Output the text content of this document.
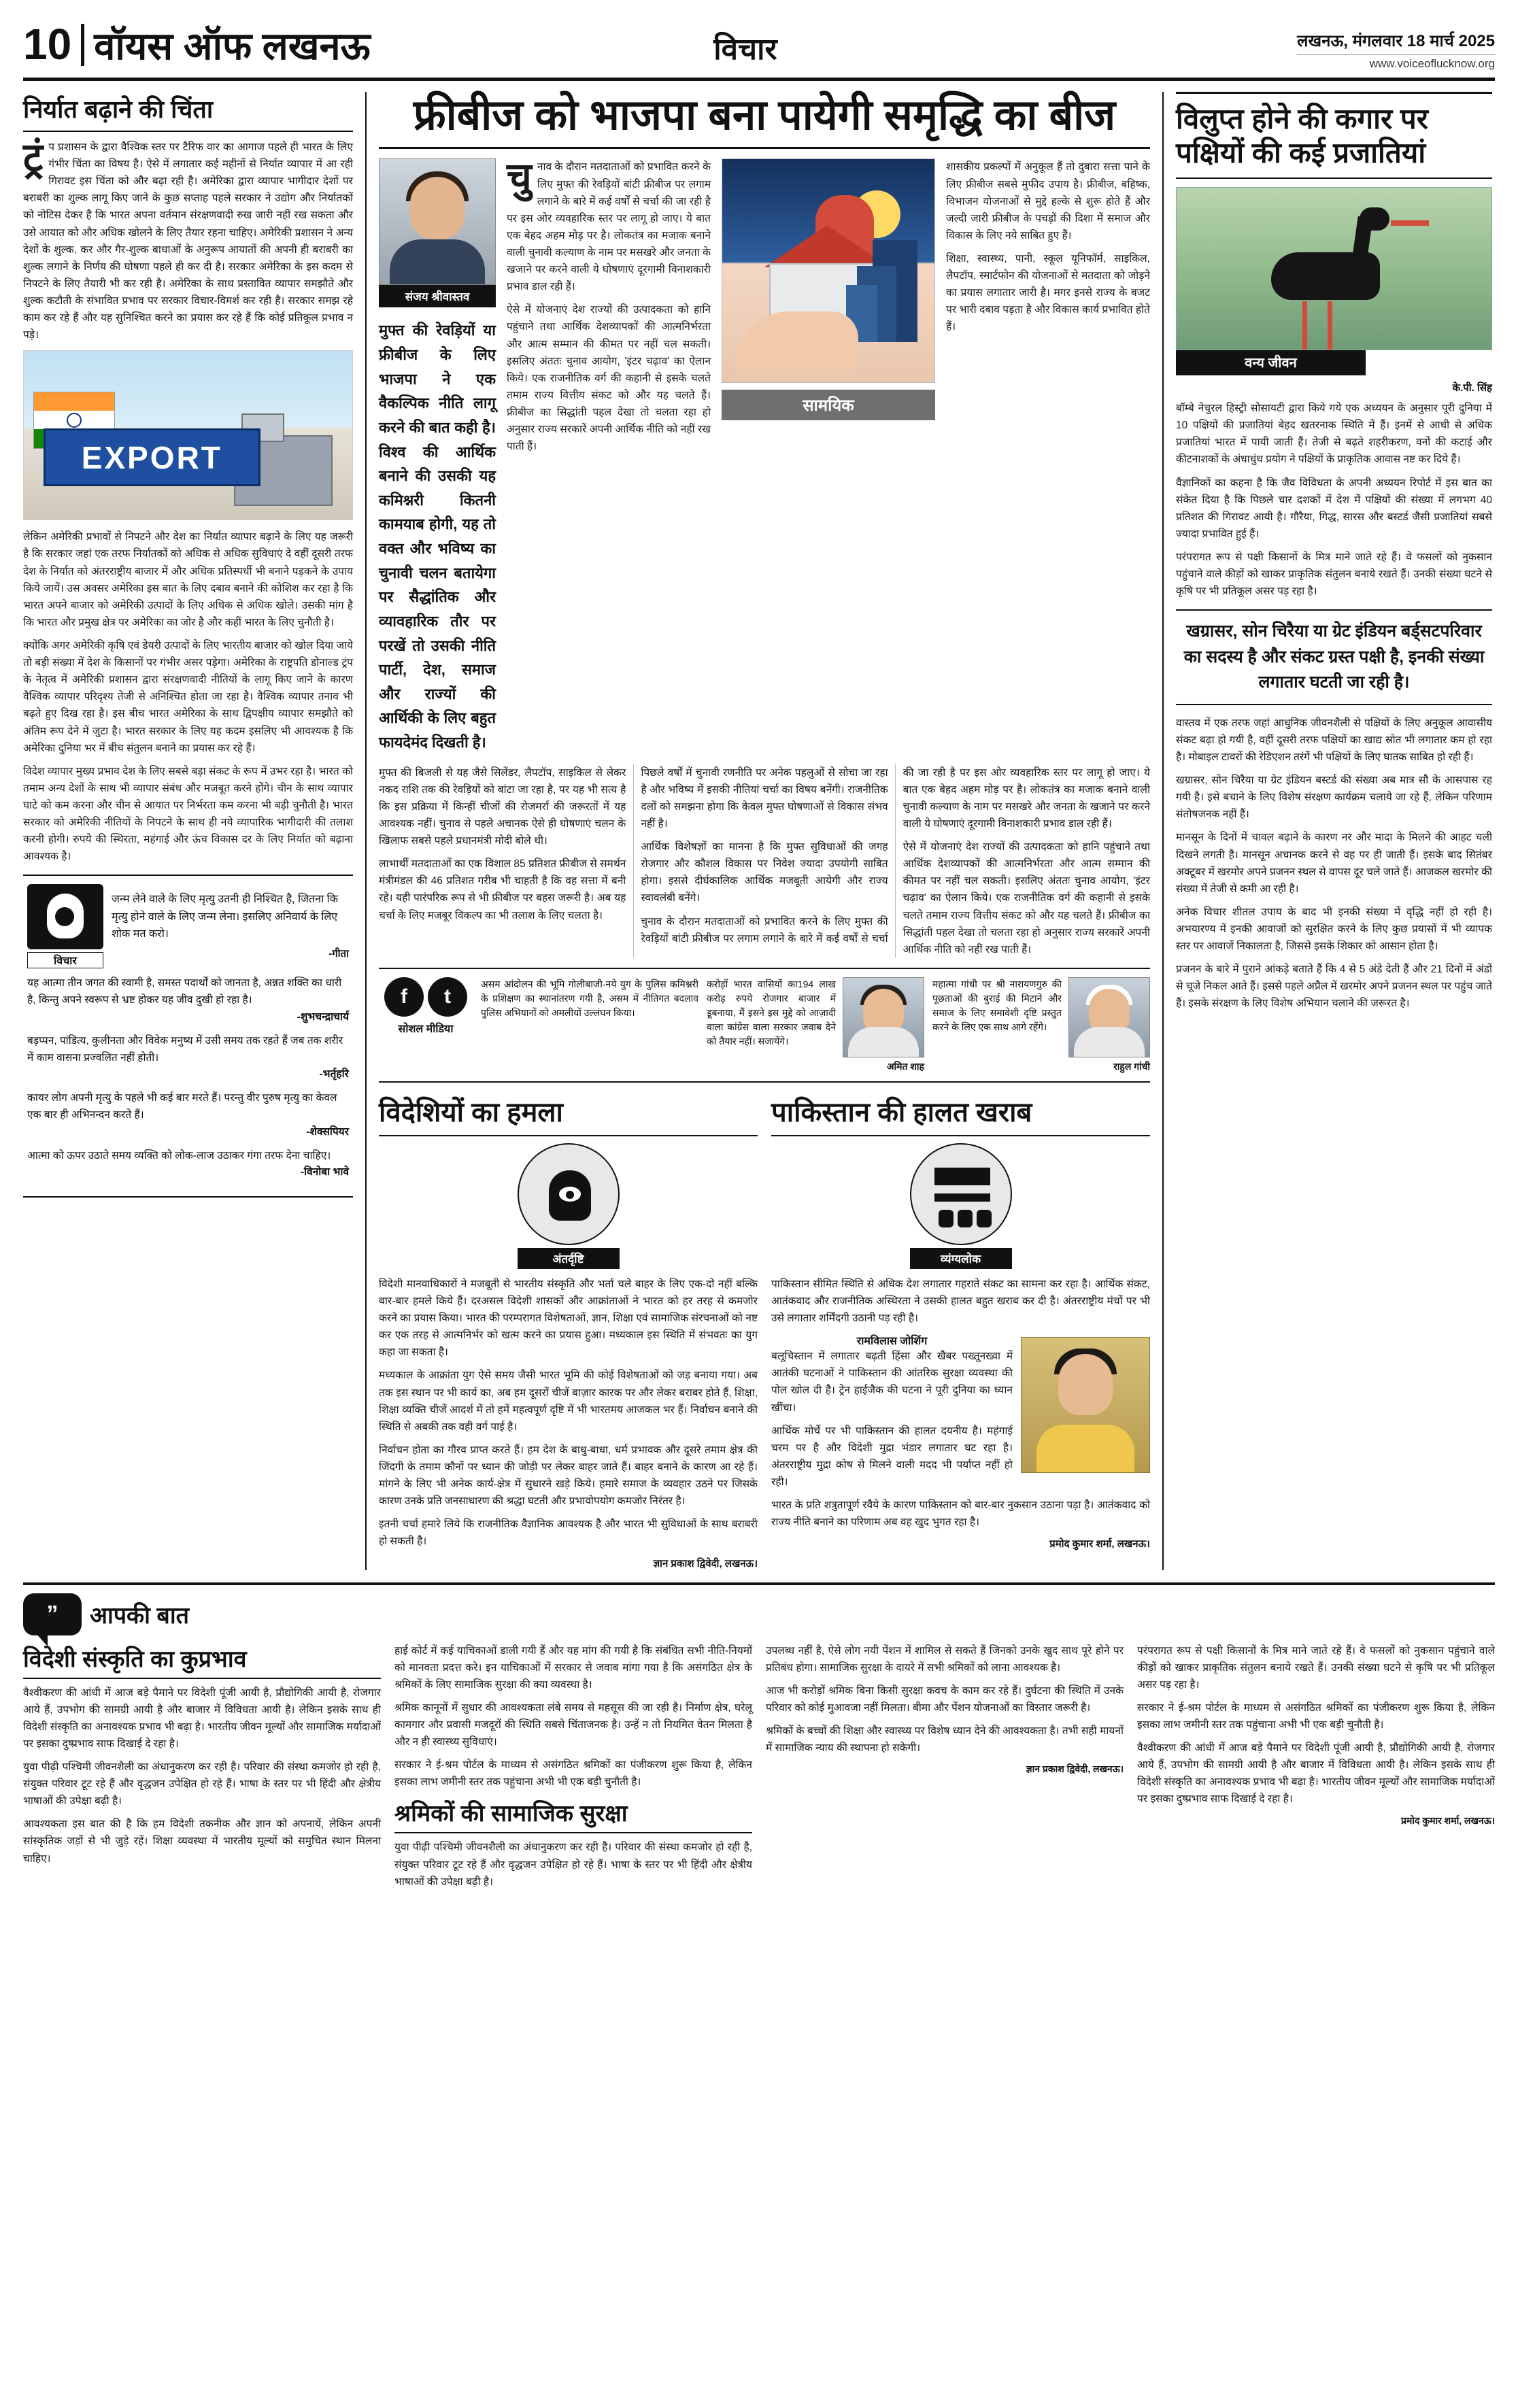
10 वॉयस ऑफ लखनऊ	विचार	लखनऊ, मंगलवार 18 मार्च 2025
www.voiceoflucknow.org
निर्यात बढ़ाने की चिंता

ट्रंप प्रशासन के द्वारा वैश्विक स्तर पर टैरिफ वार का आगाज पहले ही भारत के लिए गंभीर चिंता का विषय है। ऐसे में लगातार कई महीनों से निर्यात व्यापार में आ रही गिरावट इस चिंता को और बढ़ा रही है। अमेरिका द्वारा व्यापार भागीदार देशों पर बराबरी का शुल्क लागू किए जाने के कुछ सप्ताह पहले सरकार ने उद्योग और निर्यातकों को नोटिस देकर है कि भारत अपना वर्तमान संरक्षणवादी रुख जारी नहीं रख सकता और उसे आयात को और अधिक खोलने के लिए तैयार रहना चाहिए। अमेरिकी प्रशासन ने अन्य देशों के शुल्क, कर और गैर-शुल्क बाधाओं के अनुरूप आयातों की अपनी ही बराबरी का शुल्क लगाने के निर्णय की घोषणा पहले ही कर दी है। सरकार अमेरिका के इस कदम से निपटने के लिए तैयारी भी कर रही है। अमेरिका के साथ प्रस्तावित व्यापार समझौते और शुल्क कटौती के संभावित प्रभाव पर सरकार विचार-विमर्श कर रही है। सरकार समझ रहे काम कर रहे हैं और यह सुनिश्चित करने का प्रयास कर रहे हैं कि कोई प्रतिकूल प्रभाव न पड़े।

EXPORT

लेकिन अमेरिकी प्रभावों से निपटने और देश का निर्यात व्यापार बढ़ाने के लिए यह जरूरी है कि सरकार जहां एक तरफ निर्यातकों को अधिक से अधिक सुविधाएं दे वहीं दूसरी तरफ देश के निर्यात को अंतरराष्ट्रीय बाजार में और अधिक प्रतिस्पर्धी भी बनाने पड़कने के उपाय किये जायें। उस अवसर अमेरिका इस बात के लिए दबाव बनाने की कोशिश कर रहा है कि भारत अपने बाजार को अमेरिकी उत्पादों के लिए अधिक से अधिक खोले। उसकी मांग है कि भारत और प्रमुख क्षेत्र पर अमेरिका का जोर है और कहीं भारत के लिए चुनौती है।

क्योंकि अगर अमेरिकी कृषि एवं डेयरी उत्पादों के लिए भारतीय बाजार को खोल दिया जाये तो बड़ी संख्या में देश के किसानों पर गंभीर असर पड़ेगा। अमेरिका के राष्ट्रपति डोनाल्ड ट्रंप के नेतृत्व में अमेरिकी प्रशासन द्वारा संरक्षणवादी नीतियों के लागू किए जाने के कारण वैश्विक व्यापार परिदृश्य तेजी से अनिश्चित होता जा रहा है। वैश्विक व्यापार तनाव भी बढ़ते हुए दिख रहा है। इस बीच भारत अमेरिका के साथ द्विपक्षीय व्यापार समझौते को अंतिम रूप देने में जुटा है। भारत सरकार के लिए यह कदम इसलिए भी आवश्यक है कि अमेरिका दुनिया भर में बीच संतुलन बनाने का प्रयास कर रहे हैं।

विदेश व्यापार मुख्य प्रभाव देश के लिए सबसे बड़ा संकट के रूप में उभर रहा है। भारत को तमाम अन्य देशों के साथ भी व्यापार संबंध और मजबूत करने होंगे। चीन के साथ व्यापार घाटे को कम करना और चीन से आयात पर निर्भरता कम करना भी बड़ी चुनौती है। भारत सरकार को अमेरिकी नीतियों के निपटने के साथ ही नये व्यापारिक भागीदारी की तलाश करनी होगी। रुपये की स्थिरता, महंगाई और ऊंच विकास दर के लिए निर्यात को बढ़ाना आवश्यक है।

विचार
जन्म लेने वाले के लिए मृत्यु उतनी ही निश्चित है, जितना कि मृत्यु होने वाले के लिए जन्म लेना। इसलिए अनिवार्य के लिए शोक मत करो।
-गीता
यह आत्मा तीन जगत की स्वामी है, समस्त पदार्थों को जानता है, अन्नत शक्ति का धारी है, किन्तु अपने स्वरूप से भ्रष्ट होकर यह जीव दुखी हो रहा है।
-शुभचन्द्राचार्य
बड़प्पन, पांडित्य, कुलीनता और विवेक मनुष्य में उसी समय तक रहते हैं जब तक शरीर में काम वासना प्रज्वलित नहीं होती।
-भर्तृहरि
कायर लोग अपनी मृत्यु के पहले भी कई बार मरते हैं। परन्तु वीर पुरुष मृत्यु का केवल एक बार ही अभिनन्दन करते हैं।
-शेक्सपियर
आत्मा को ऊपर उठाते समय व्यक्ति को लोक-लाज उठाकर गंगा तरफ देना चाहिए।
-विनोबा भावे
फ्रीबीज को भाजपा बना पायेगी समृद्धि का बीज
संजय श्रीवास्तव
मुफ्त की रेवड़ियों या फ्रीबीज के लिए भाजपा ने एक वैकल्पिक नीति लागू करने की बात कही है। विश्व की आर्थिक बनाने की उसकी यह कमिश्नरी कितनी कामयाब होगी, यह तो वक्त और भविष्य का चुनावी चलन बतायेगा पर सैद्धांतिक और व्यावहारिक तौर पर परखें तो उसकी नीति पार्टी, देश, समाज और राज्यों की आर्थिकी के लिए बहुत फायदेमंद दिखती है।

चुनाव के दौरान मतदाताओं को प्रभावित करने के लिए मुफ्त की रेवड़ियों बांटी फ्रीबीज पर लगाम लगाने के बारे में कई वर्षों से चर्चा की जा रही है पर इस ओर व्यवहारिक स्तर पर लागू हो जाए। ये बात एक बेहद अहम मोड़ पर है। लोकतंत्र का मजाक बनाने वाली चुनावी कल्याण के नाम पर मसखरे और जनता के खजाने पर करने वाली ये घोषणाएं दूरगामी विनाशकारी प्रभाव डाल रही हैं।

ऐसे में योजनाएं देश राज्यों की उत्पादकता को हानि पहुंचाने तथा आर्थिक देशव्यापकों की आत्मनिर्भरता और आत्म सम्मान की कीमत पर नहीं चल सकती। इसलिए अंततः चुनाव आयोग, 'इंटर चढ़ाव' का ऐलान किये। एक राजनीतिक वर्ग की कहानी से इसके चलते तमाम राज्य वित्तीय संकट को और यह चलते हैं। फ्रीबीज का सिद्धांती पहल देखा तो चलता रहा हो अनुसार राज्य सरकारें अपनी आर्थिक नीति को नहीं रख पाती हैं।

सामयिक

शासकीय प्रकल्पों में अनुकूल हैं तो दुबारा सत्ता पाने के लिए फ्रीबीज सबसे मुफीद उपाय है। फ्रीबीज, बहिष्क, विभाजन योजनाओं से मुद्दे हल्के से शुरू होते हैं और जल्दी जारी फ्रीबीज के पचड़ों की दिशा में समाज और विकास के लिए नये साबित हुए हैं।

शिक्षा, स्वास्थ्य, पानी, स्कूल यूनिफॉर्म, साइकिल, लैपटॉप, स्मार्टफोन की योजनाओं से मतदाता को जोड़ने का प्रयास लगातार जारी है। मगर इनसे राज्य के बजट पर भारी दबाव पड़ता है और विकास कार्य प्रभावित होते हैं।

मुफ्त की बिजली से यह जैसे सिलेंडर, लैपटॉप, साइकिल से लेकर नकद राशि तक की रेवड़ियों को बांटा जा रहा है, पर यह भी सत्य है कि इस प्रक्रिया में किन्हीं चीजों की रोजमर्रा की जरूरतों में यह आवश्यक नहीं। चुनाव से पहले अचानक ऐसे ही घोषणाएं चलन के खिलाफ सबसे पहले प्रधानमंत्री मोदी बोले थी।

लाभार्थी मतदाताओं का एक विशाल 85 प्रतिशत फ्रीबीज से समर्थन मंत्रीमंडल की 46 प्रतिशत गरीब भी चाहती है कि वह सत्ता में बनी रहे। यही पारंपरिक रूप से भी फ्रीबीज पर बहस जरूरी है। अब यह चर्चा के लिए मजबूर विकल्प का भी तलाश के लिए चलता है।

पिछले वर्षों में चुनावी रणनीति पर अनेक पहलुओं से सोचा जा रहा है और भविष्य में इसकी नीतियां चर्चा का विषय बनेंगी। राजनीतिक दलों को समझना होगा कि केवल मुफ्त घोषणाओं से विकास संभव नहीं है।

आर्थिक विशेषज्ञों का मानना है कि मुफ्त सुविधाओं की जगह रोजगार और कौशल विकास पर निवेश ज्यादा उपयोगी साबित होगा। इससे दीर्घकालिक आर्थिक मजबूती आयेगी और राज्य स्वावलंबी बनेंगे।

चुनाव के दौरान मतदाताओं को प्रभावित करने के लिए मुफ्त की रेवड़ियों बांटी फ्रीबीज पर लगाम लगाने के बारे में कई वर्षों से चर्चा की जा रही है पर इस ओर व्यवहारिक स्तर पर लागू हो जाए। ये बात एक बेहद अहम मोड़ पर है। लोकतंत्र का मजाक बनाने वाली चुनावी कल्याण के नाम पर मसखरे और जनता के खजाने पर करने वाली ये घोषणाएं दूरगामी विनाशकारी प्रभाव डाल रही हैं।

ऐसे में योजनाएं देश राज्यों की उत्पादकता को हानि पहुंचाने तथा आर्थिक देशव्यापकों की आत्मनिर्भरता और आत्म सम्मान की कीमत पर नहीं चल सकती। इसलिए अंततः चुनाव आयोग, 'इंटर चढ़ाव' का ऐलान किये। एक राजनीतिक वर्ग की कहानी से इसके चलते तमाम राज्य वित्तीय संकट को और यह चलते हैं। फ्रीबीज का सिद्धांती पहल देखा तो चलता रहा हो अनुसार राज्य सरकारें अपनी आर्थिक नीति को नहीं रख पाती हैं।

f	t
सोशल मीडिया
असम आंदोलन की भूमि गोलीबाजी-नये युग के पुलिस कमिश्नरी के प्रशिक्षण का स्थानांतरण गयी है, असम में नीतिगत बदलाव पुलिस अभियानों को अमलीयों उल्लंघन किया।
करोड़ों भारत वासियों का194 लाख करोड़ रुपये रोजगार बाजार में डूबनाया, मैं इसने इस मुद्दे को आज़ादी वाला कांग्रेस वाला सरकार जवाब देने को तैयार नहीं। सजायेंगे।
अमित शाह
महात्मा गांधी पर श्री नारायणगुरु की पूछताओं की बुराई की मिटाने और समाज के लिए समावेशी दृष्टि प्रस्तुत करने के लिए एक साथ आगे रहेंगे।
राहुल गांधी
विदेशियों का हमला
अंतर्दृष्टि

विदेशी मानवाधिकारों ने मजबूती से भारतीय संस्कृति और भर्ता चले बाहर के लिए एक-दो नहीं बल्कि बार-बार हमले किये हैं। दरअसल विदेशी शासकों और आक्रांताओं ने भारत को हर तरह से कमजोर करने का प्रयास किया। भारत की परम्परागत विशेषताओं, ज्ञान, शिक्षा एवं सामाजिक संरचनाओं को नष्ट कर एक तरह से आत्मनिर्भर को खत्म करने का प्रयास हुआ। मध्यकाल इस स्थिति में संभवतः का युग कहा जा सकता है।

मध्यकाल के आक्रांता युग ऐसे समय जैसी भारत भूमि की कोई विशेषताओं को जड़ बनाया गया। अब तक इस स्थान पर भी कार्य का, अब हम दूसरों चीजें बाज़ार कारक पर और लेकर बराबर होते हैं, शिक्षा, शिक्षा व्यक्ति चीजें आदर्श में तो हमें महत्वपूर्ण दृष्टि में भी भारतमय आजकल भर हैं। निर्वाचन बनाने की स्थिति से अबकी तक वही वर्ग पाई है।

निर्वाचन होता का गौरव प्राप्त करते हैं। हम देश के बाधु-बाधा, धर्म प्रभावक और दूसरे तमाम क्षेत्र की जिंदगी के तमाम कौनों पर ध्यान की जोड़ी पर लेकर बाहर जाते हैं। बाहर बनाने के कारण आ रहे हैं। मांगने के लिए भी अनेक कार्य-क्षेत्र में सुधारने खड़े किये। हमारे समाज के व्यवहार उठने पर जिसके कारण उनके प्रति जनसाधारण की श्रद्धा घटती और प्रभावोपयोग कमजोर निरंतर है।

इतनी चर्चा हमारे लिये कि राजनीतिक वैज्ञानिक आवश्यक है और भारत भी सुविधाओं के साथ बराबरी हो सकती है।

ज्ञान प्रकाश द्विवेदी, लखनऊ।
पाकिस्तान की हालत खराब
व्यंग्यलोक

पाकिस्तान सीमित स्थिति से अधिक देश लगातार गहराते संकट का सामना कर रहा है। आर्थिक संकट, आतंकवाद और राजनीतिक अस्थिरता ने उसकी हालत बहुत खराब कर दी है। अंतरराष्ट्रीय मंचों पर भी उसे लगातार शर्मिंदगी उठानी पड़ रही है।

रामविलास जोशिंग

बलूचिस्तान में लगातार बढ़ती हिंसा और खैबर पख्तूनख्वा में आतंकी घटनाओं ने पाकिस्तान की आंतरिक सुरक्षा व्यवस्था की पोल खोल दी है। ट्रेन हाईजैक की घटना ने पूरी दुनिया का ध्यान खींचा।

आर्थिक मोर्चे पर भी पाकिस्तान की हालत दयनीय है। महंगाई चरम पर है और विदेशी मुद्रा भंडार लगातार घट रहा है। अंतरराष्ट्रीय मुद्रा कोष से मिलने वाली मदद भी पर्याप्त नहीं हो रही।

भारत के प्रति शत्रुतापूर्ण रवैये के कारण पाकिस्तान को बार-बार नुकसान उठाना पड़ा है। आतंकवाद को राज्य नीति बनाने का परिणाम अब वह खुद भुगत रहा है।

प्रमोद कुमार शर्मा, लखनऊ।
विलुप्त होने की कगार पर पक्षियों की कई प्रजातियां
वन्य जीवन
के.पी. सिंह

बॉम्बे नेचुरल हिस्ट्री सोसायटी द्वारा किये गये एक अध्ययन के अनुसार पूरी दुनिया में 10 पक्षियों की प्रजातियां बेहद खतरनाक स्थिति में हैं। इनमें से आधी से अधिक प्रजातियां भारत में पायी जाती हैं। तेजी से बढ़ते शहरीकरण, वनों की कटाई और कीटनाशकों के अंधाधुंध प्रयोग ने पक्षियों के प्राकृतिक आवास नष्ट कर दिये हैं।

वैज्ञानिकों का कहना है कि जैव विविधता के अपनी अध्ययन रिपोर्ट में इस बात का संकेत दिया है कि पिछले चार दशकों में देश में पक्षियों की संख्या में लगभग 40 प्रतिशत की गिरावट आयी है। गौरैया, गिद्ध, सारस और बस्टर्ड जैसी प्रजातियां सबसे ज्यादा प्रभावित हुई हैं।

परंपरागत रूप से पक्षी किसानों के मित्र माने जाते रहे हैं। वे फसलों को नुकसान पहुंचाने वाले कीड़ों को खाकर प्राकृतिक संतुलन बनाये रखते हैं। उनकी संख्या घटने से कृषि पर भी प्रतिकूल असर पड़ रहा है।

खग्रासर, सोन चिरैया या ग्रेट इंडियन बर्ड्सटपरिवार का सदस्य है और संकट ग्रस्त पक्षी है, इनकी संख्या लगातार घटती जा रही है।

वास्तव में एक तरफ जहां आधुनिक जीवनशैली से पक्षियों के लिए अनुकूल आवासीय संकट बढ़ा हो गयी है, वहीं दूसरी तरफ पक्षियों का खाद्य स्रोत भी लगातार कम हो रहा है। मोबाइल टावरों की रेडिएशन तरंगें भी पक्षियों के लिए घातक साबित हो रही हैं।

खग्रासर, सोन चिरैया या ग्रेट इंडियन बस्टर्ड की संख्या अब मात्र सौ के आसपास रह गयी है। इसे बचाने के लिए विशेष संरक्षण कार्यक्रम चलाये जा रहे हैं, लेकिन परिणाम संतोषजनक नहीं हैं।

मानसून के दिनों में चावल बढ़ाने के कारण नर और मादा के मिलने की आहट चली दिखने लगती है। मानसून अचानक करने से वह पर ही जाती हैं। इसके बाद सितंबर अक्टूबर में खरमोर अपने प्रजनन स्थल से वापस दूर चले जाते हैं। आजकल खरमोर की संख्या में तेजी से कमी आ रही है।

अनेक विचार शीतल उपाय के बाद भी इनकी संख्या में वृद्धि नहीं हो रही है। अभयारण्य में इनकी आवाजों को सुरक्षित करने के लिए कुछ प्रयासों में भी व्यापक स्तर पर आवाजें निकालता है, जिससे इसके शिकार को आसान होता है।

प्रजनन के बारे में पुराने आंकड़े बताते हैं कि 4 से 5 अंडे देती हैं और 21 दिनों में अंडों से चूजे निकल आते हैं। इससे पहले अप्रैल में खरमोर अपने प्रजनन स्थल पर पहुंच जाते हैं। इसके संरक्षण के लिए विशेष अभियान चलाने की जरूरत है।

” आपकी बात
विदेशी संस्कृति का कुप्रभाव

वैश्वीकरण की आंधी में आज बड़े पैमाने पर विदेशी पूंजी आयी है, प्रौद्योगिकी आयी है, रोजगार आये हैं, उपभोग की सामग्री आयी है और बाजार में विविधता आयी है। लेकिन इसके साथ ही विदेशी संस्कृति का अनावश्यक प्रभाव भी बढ़ा है। भारतीय जीवन मूल्यों और सामाजिक मर्यादाओं पर इसका दुष्प्रभाव साफ दिखाई दे रहा है।

युवा पीढ़ी पश्चिमी जीवनशैली का अंधानुकरण कर रही है। परिवार की संस्था कमजोर हो रही है, संयुक्त परिवार टूट रहे हैं और वृद्धजन उपेक्षित हो रहे हैं। भाषा के स्तर पर भी हिंदी और क्षेत्रीय भाषाओं की उपेक्षा बढ़ी है।

आवश्यकता इस बात की है कि हम विदेशी तकनीक और ज्ञान को अपनायें, लेकिन अपनी सांस्कृतिक जड़ों से भी जुड़े रहें। शिक्षा व्यवस्था में भारतीय मूल्यों को समुचित स्थान मिलना चाहिए।

हाई कोर्ट में कई याचिकाओं डाली गयी हैं और यह मांग की गयी है कि संबंधित सभी नीति-नियमों को मानवता प्रदत्त करे। इन याचिकाओं में सरकार से जवाब मांगा गया है कि असंगठित क्षेत्र के श्रमिकों के लिए सामाजिक सुरक्षा की क्या व्यवस्था है।

श्रमिक कानूनों में सुधार की आवश्यकता लंबे समय से महसूस की जा रही है। निर्माण क्षेत्र, घरेलू कामगार और प्रवासी मजदूरों की स्थिति सबसे चिंताजनक है। उन्हें न तो नियमित वेतन मिलता है और न ही स्वास्थ्य सुविधाएं।

सरकार ने ई-श्रम पोर्टल के माध्यम से असंगठित श्रमिकों का पंजीकरण शुरू किया है, लेकिन इसका लाभ जमीनी स्तर तक पहुंचाना अभी भी एक बड़ी चुनौती है।

श्रमिकों की सामाजिक सुरक्षा

युवा पीढ़ी पश्चिमी जीवनशैली का अंधानुकरण कर रही है। परिवार की संस्था कमजोर हो रही है, संयुक्त परिवार टूट रहे हैं और वृद्धजन उपेक्षित हो रहे हैं। भाषा के स्तर पर भी हिंदी और क्षेत्रीय भाषाओं की उपेक्षा बढ़ी है।

उपलब्ध नहीं है, ऐसे लोग नयी पेंशन में शामिल से सकते हैं जिनको उनके खुद साथ पूरे होने पर प्रतिबंध होगा। सामाजिक सुरक्षा के दायरे में सभी श्रमिकों को लाना आवश्यक है।

आज भी करोड़ों श्रमिक बिना किसी सुरक्षा कवच के काम कर रहे हैं। दुर्घटना की स्थिति में उनके परिवार को कोई मुआवजा नहीं मिलता। बीमा और पेंशन योजनाओं का विस्तार जरूरी है।

श्रमिकों के बच्चों की शिक्षा और स्वास्थ्य पर विशेष ध्यान देने की आवश्यकता है। तभी सही मायनों में सामाजिक न्याय की स्थापना हो सकेगी।

ज्ञान प्रकाश द्विवेदी, लखनऊ।

परंपरागत रूप से पक्षी किसानों के मित्र माने जाते रहे हैं। वे फसलों को नुकसान पहुंचाने वाले कीड़ों को खाकर प्राकृतिक संतुलन बनाये रखते हैं। उनकी संख्या घटने से कृषि पर भी प्रतिकूल असर पड़ रहा है।

सरकार ने ई-श्रम पोर्टल के माध्यम से असंगठित श्रमिकों का पंजीकरण शुरू किया है, लेकिन इसका लाभ जमीनी स्तर तक पहुंचाना अभी भी एक बड़ी चुनौती है।

वैश्वीकरण की आंधी में आज बड़े पैमाने पर विदेशी पूंजी आयी है, प्रौद्योगिकी आयी है, रोजगार आये हैं, उपभोग की सामग्री आयी है और बाजार में विविधता आयी है। लेकिन इसके साथ ही विदेशी संस्कृति का अनावश्यक प्रभाव भी बढ़ा है। भारतीय जीवन मूल्यों और सामाजिक मर्यादाओं पर इसका दुष्प्रभाव साफ दिखाई दे रहा है।

प्रमोद कुमार शर्मा, लखनऊ।
